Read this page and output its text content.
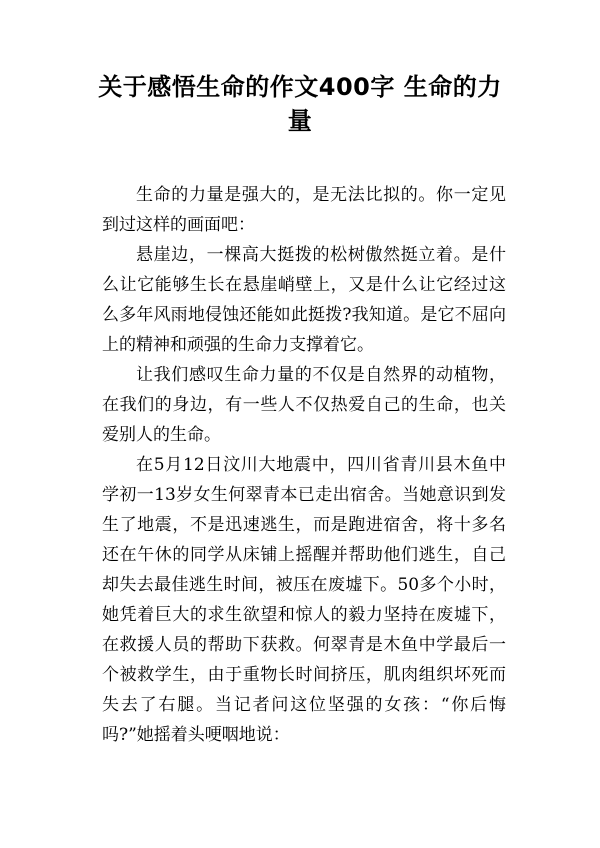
关于感悟生命的作文400字 生命的力量

生命的力量是强大的，是无法比拟的。你一定见到过这样的画面吧：

悬崖边，一棵高大挺拨的松树傲然挺立着。是什么让它能够生长在悬崖峭壁上，又是什么让它经过这么多年风雨地侵蚀还能如此挺拨?我知道。是它不屈向上的精神和顽强的生命力支撑着它。

让我们感叹生命力量的不仅是自然界的动植物，在我们的身边，有一些人不仅热爱自己的生命，也关爱别人的生命。

在5月12日汶川大地震中，四川省青川县木鱼中学初一13岁女生何翠青本已走出宿舍。当她意识到发生了地震，不是迅速逃生，而是跑进宿舍，将十多名还在午休的同学从床铺上摇醒并帮助他们逃生，自己却失去最佳逃生时间，被压在废墟下。50多个小时，她凭着巨大的求生欲望和惊人的毅力坚持在废墟下，在救援人员的帮助下获救。何翠青是木鱼中学最后一个被救学生，由于重物长时间挤压，肌肉组织坏死而失去了右腿。当记者问这位坚强的女孩：“你后悔吗?”她摇着头哽咽地说：
